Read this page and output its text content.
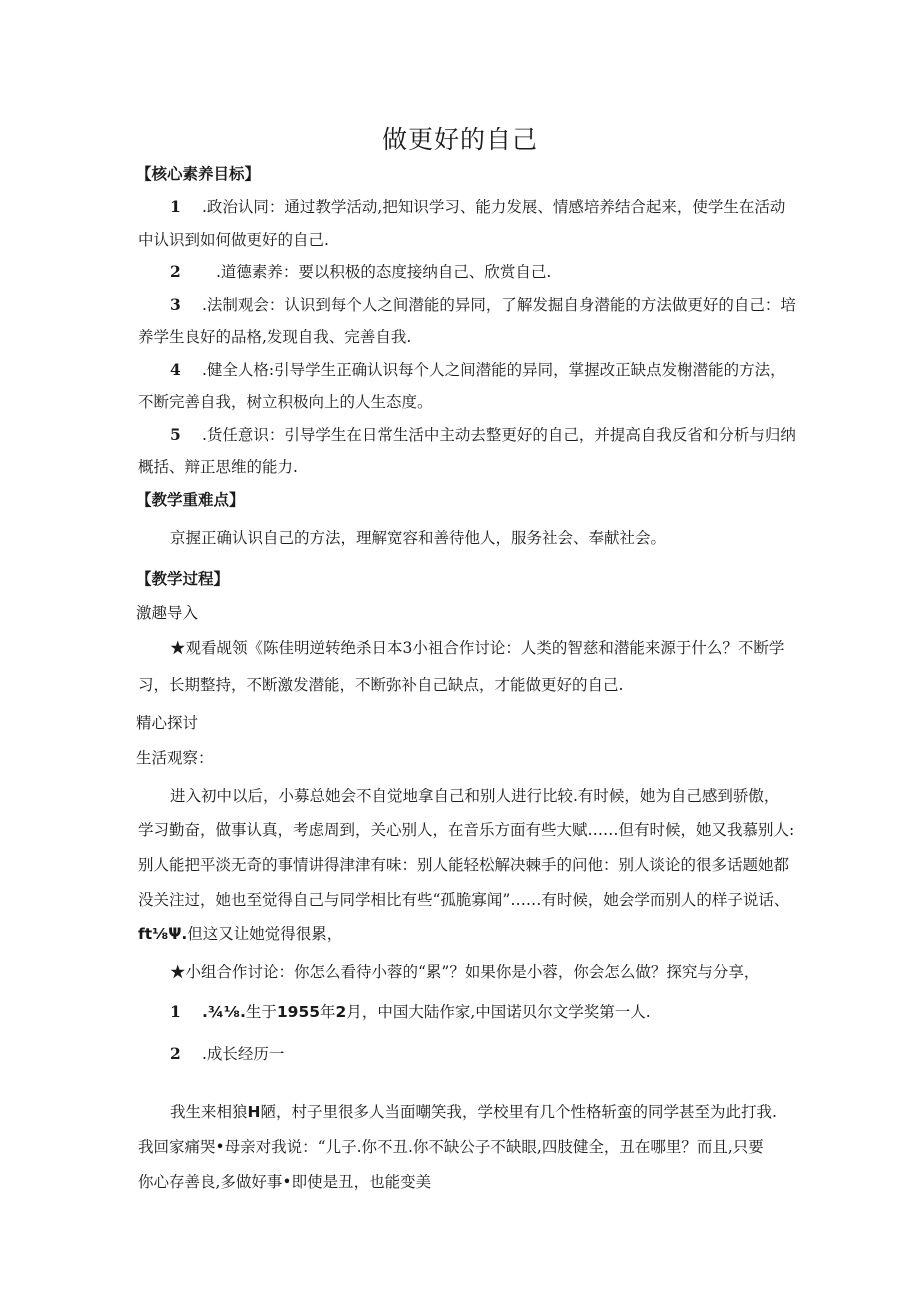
做更好的自己
【核心素养目标】
1 .政治认同：通过教学活动,把知识学习、能力发展、情感培养结合起来，使学生在活动
中认识到如何做更好的自己.
2 .道德素养：要以积极的态度接纳自己、欣赏自己.
3 .法制观会：认识到每个人之间潜能的异同，了解发掘自身潜能的方法做更好的自己：培
养学生良好的品格,发现自我、完善自我.
4 .健全人格:引导学生正确认识每个人之间潜能的异同，掌握改正缺点发榭潜能的方法，
不断完善自我，树立积极向上的人生态度。
5 .货任意识：引导学生在日常生活中主动去整更好的自己，并提高自我反省和分析与归纳
概括、辩正思维的能力.
【教学重难点】
京握正确认识自己的方法，理解宽容和善待他人，服务社会、奉献社会。
【教学过程】
激趣导入
★观看觇领《陈佳明逆转绝杀日本3小祖合作讨论：人类的智慈和潜能来源于什么？不断学
习，长期整持，不断激发潜能，不断弥补自己缺点，才能做更好的自己.
精心探讨
生活观察：
进入初中以后，小募总她会不自觉地拿自己和别人进行比较.有时候，她为自己感到骄傲，
学习勤奋，做事认真，考虑周到，关心别人，在音乐方面有些大赋……但有时候，她又我慕别人:
别人能把平淡无奇的事情讲得津津有味：别人能轻松解决棘手的问他：别人谈论的很多话题她都
没关注过，她也至觉得自己与同学相比有些“孤脆寡闻”……有时候，她会学而别人的样子说话、
ft⅛Ψ.但这又让她觉得很累，
★小组合作讨论：你怎么看待小蓉的“累”？如果你是小蓉，你会怎么做？探究与分享，
1 .¾⅛.生于1955年2月，中国大陆作家,中国诺贝尔文学奖第一人.
2 .成长经历一
我生来相狼H陋，村子里很多人当面嘲笑我，学校里有几个性格斩蛮的同学甚至为此打我.
我回家痛哭•母亲对我说：“儿子.你不丑.你不缺公子不缺眼,四肢健全，丑在哪里？而且,只要
你心存善良,多做好事•即使是丑，也能变美
